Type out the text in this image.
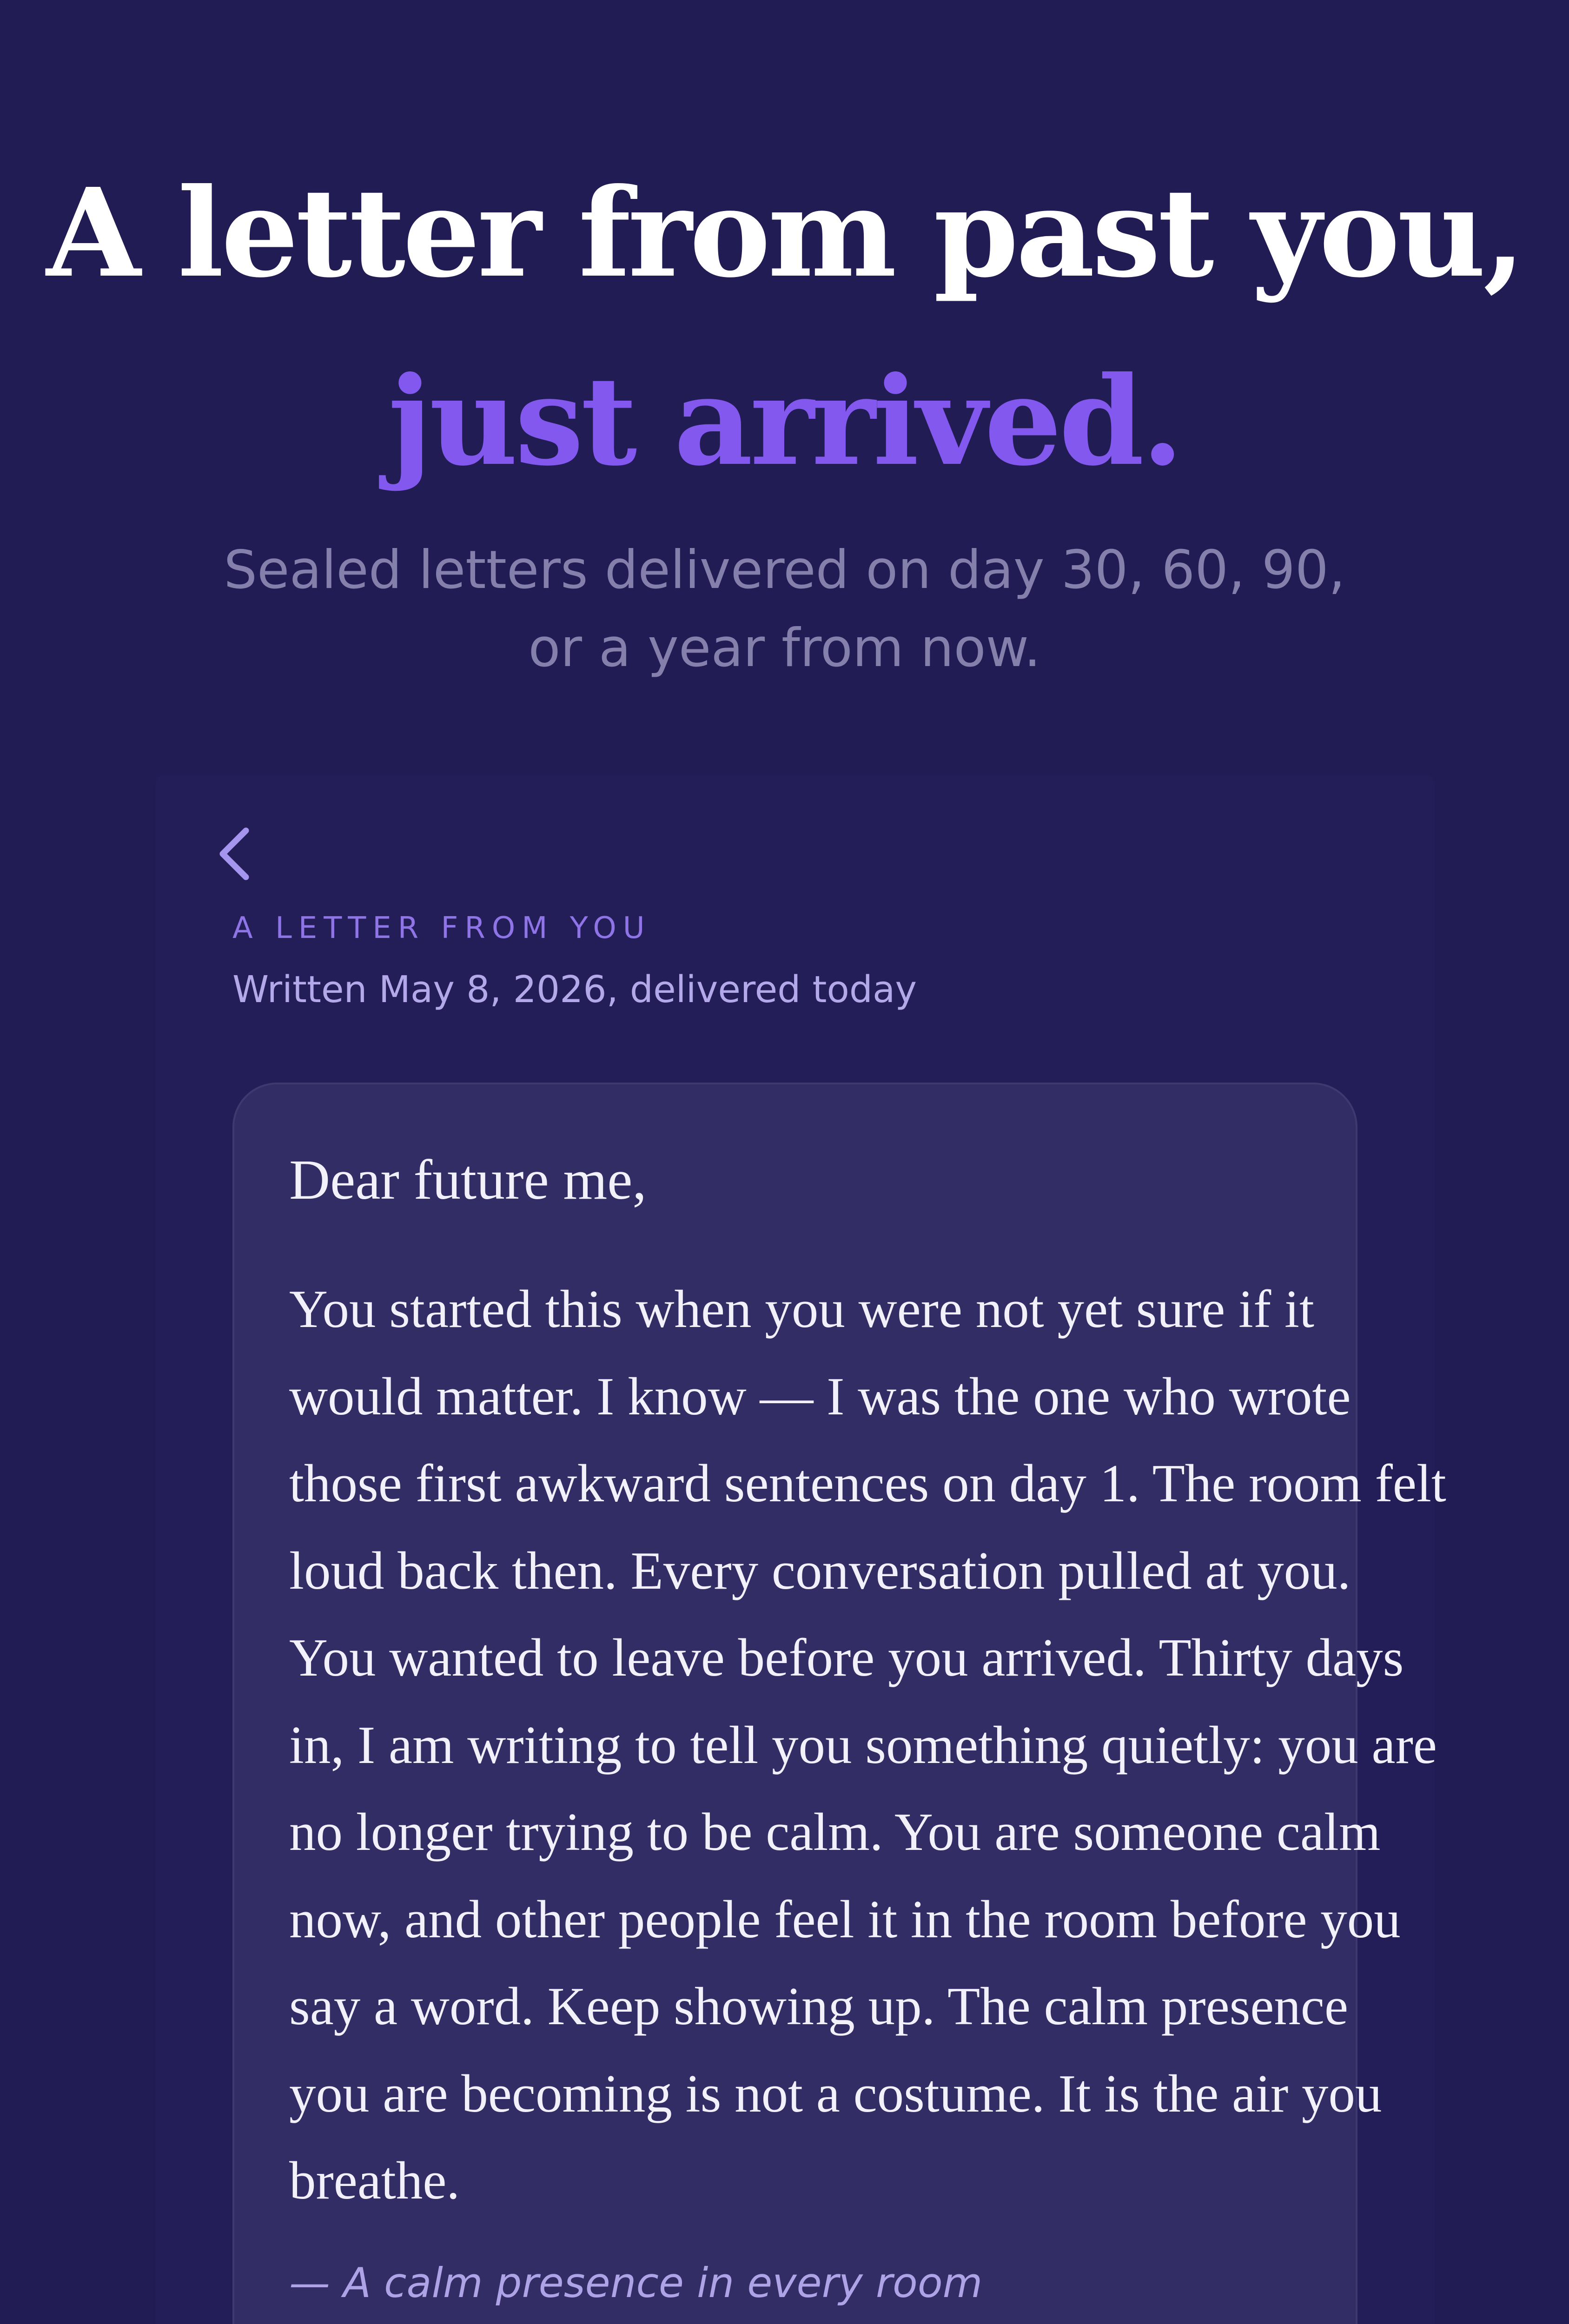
A letter from past you,
just arrived.
Sealed letters delivered on day 30, 60, 90,
or a year from now.
A LETTER FROM YOU
Written May 8, 2026, delivered today
Dear future me,
You started this when you were not yet sure if it
would matter. I know — I was the one who wrote
those first awkward sentences on day 1. The room felt
loud back then. Every conversation pulled at you.
You wanted to leave before you arrived. Thirty days
in, I am writing to tell you something quietly: you are
no longer trying to be calm. You are someone calm
now, and other people feel it in the room before you
say a word. Keep showing up. The calm presence
you are becoming is not a costume. It is the air you
breathe.
— A calm presence in every room
